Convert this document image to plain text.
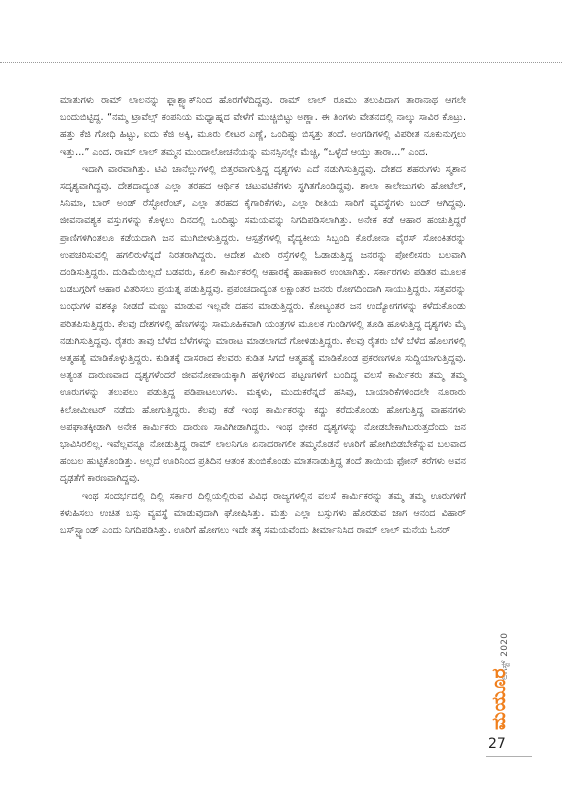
ಮಾತುಗಳು ರಾಮ್ ಲಾಲನನ್ನು ಫ್ಲಾಶ್ಬ್ಯಾಕ್‌ನಿಂದ ಹೊರಗೆಳೆದಿದ್ದವು. ರಾಮ್ ಲಾಲ್ ರೂಮು ತಲುಪಿದಾಗ ತಾರಾನಾಥ ಆಗಲೇ ಬಂದುಬಿಟ್ಟಿದ್ದ. “ನಮ್ಮ ಟ್ರಾವೆಲ್ಸ್ ಕಂಪನಿಯ ಮಧ್ಯಾಹ್ನದ ವೇಳೆಗೆ ಮುಚ್ಚಿಬಿಟ್ಟು ಅಣ್ಣಾ. ಈ ತಿಂಗಳು ವೇತನದಲ್ಲಿ ನಾಲ್ಕು ಸಾವಿರ ಕೊಟ್ರು. ಹತ್ತು ಕೆಜಿ ಗೋಧಿ ಹಿಟ್ಟು, ಐದು ಕೆಜಿ ಅಕ್ಕಿ, ಮೂರು ಲೀಟರ ಎಣ್ಣೆ, ಒಂದಿಷ್ಟು ಬಿಸ್ಕತ್ತು ತಂದೆ. ಅಂಗಡಿಗಳಲ್ಲಿ ವಿಪರೀತ ನೂಕುನುಗ್ಗಲು ಇತ್ತು...” ಎಂದ. ರಾಮ್ ಲಾಲ್ ತಮ್ಮನ ಮುಂದಾಲೋಚನೆಯನ್ನು ಮನಸ್ಸಿನಲ್ಲೇ ಮೆಚ್ಚಿ, “ಒಳ್ಳೆದೆ ಆಯ್ತು ತಾರಾ...” ಎಂದ.

ಇದಾಗಿ ವಾರವಾಗಿತ್ತು. ಟಿವಿ ಚಾನೆಲ್ಲುಗಳಲ್ಲಿ ಬಿತ್ತರವಾಗುತ್ತಿದ್ದ ದೃಶ್ಯಗಳು ಎದೆ ನಡುಗಿಸುತ್ತಿದ್ದವು. ದೇಶದ ಶಹರುಗಳು ಸ್ಮಶಾನ ಸದೃಶ್ಯವಾಗಿದ್ದವು. ದೇಶದಾದ್ಯಂತ ಎಲ್ಲಾ ತರಹದ ಆರ್ಥಿಕ ಚಟುವಟಿಕೆಗಳು ಸ್ಥಗಿತಗೊಂಡಿದ್ದವು. ಶಾಲಾ ಕಾಲೇಜುಗಳು ಹೋಟೆಲ್, ಸಿನಿಮಾ, ಬಾರ್ ಅಂಡ್ ರೆಸ್ಟೋರೆಂಟ್, ಎಲ್ಲಾ ತರಹದ ಕೈಗಾರಿಕೆಗಳು, ಎಲ್ಲಾ ರೀತಿಯ ಸಾರಿಗೆ ವ್ಯವಸ್ಥೆಗಳು ಬಂದ್ ಆಗಿದ್ದವು. ಜೀವನಾವಶ್ಯಕ ವಸ್ತುಗಳನ್ನು ಕೊಳ್ಳಲು ದಿನದಲ್ಲಿ ಒಂದಿಷ್ಟು ಸಮಯವನ್ನು ನಿಗದಿಪಡಿಸಲಾಗಿತ್ತು. ಅನೇಕ ಕಡೆ ಆಹಾರ ಹಂಚುತ್ತಿದ್ದರೆ ಪ್ರಾಣಿಗಳಿಗಿಂತಲೂ ಕಡೆಯದಾಗಿ ಜನ ಮುಗಿಬೀಳುತ್ತಿದ್ದರು. ಆಸ್ಪತ್ರೆಗಳಲ್ಲಿ ವೈದ್ಯಕೀಯ ಸಿಬ್ಬಂದಿ ಕೊರೋನಾ ವೈರಸ್ ಸೋಂಕಿತರನ್ನು ಉಪಚರಿಸುವಲ್ಲಿ ಹಗಲಿರುಳೆನ್ನದೆ ನಿರತರಾಗಿದ್ದರು. ಆದೇಶ ಮೀರಿ ರಸ್ತೆಗಳಲ್ಲಿ ಓಡಾಡುತ್ತಿದ್ದ ಜನರನ್ನು ಪೋಲೀಸರು ಬಲವಾಗಿ ದಂಡಿಸುತ್ತಿದ್ದರು. ದುಡಿಮೆಯಿಲ್ಲದೆ ಬಡವರು, ಕೂಲಿ ಕಾರ್ಮಿಕರಲ್ಲಿ ಆಹಾರಕ್ಕೆ ಹಾಹಾಕಾರ ಉಂಟಾಗಿತ್ತು. ಸರ್ಕಾರಗಳು ಪಡಿತರ ಮೂಲಕ ಬಡಬಗ್ಗರಿಗೆ ಆಹಾರ ವಿತರಿಸಲು ಪ್ರಯತ್ನ ಪಡುತ್ತಿದ್ದವು. ಪ್ರಪಂಚದಾದ್ಯಂತ ಲಕ್ಷಾಂತರ ಜನರು ರೋಗದಿಂದಾಗಿ ಸಾಯುತ್ತಿದ್ದರು. ಸತ್ತವರನ್ನು ಬಂಧುಗಳ ವಶಕ್ಕೂ ನೀಡದೆ ಮಣ್ಣು ಮಾಡುವ ಇಲ್ಲವೇ ದಹನ ಮಾಡುತ್ತಿದ್ದರು. ಕೋಟ್ಯಂತರ ಜನ ಉದ್ಯೋಗಗಳನ್ನು ಕಳೆದುಕೊಂಡು ಪರಿತಪಿಸುತ್ತಿದ್ದರು. ಕೆಲವು ದೇಶಗಳಲ್ಲಿ ಹೆಣಗಳನ್ನು ಸಾಮೂಹಿಕವಾಗಿ ಯಂತ್ರಗಳ ಮೂಲಕ ಗುಂಡಿಗಳಲ್ಲಿ ತೂಡಿ ಹೂಳುತ್ತಿದ್ದ ದೃಶ್ಯಗಳು ಮೈ ನಡುಗಿಸುತ್ತಿದ್ದವು. ರೈತರು ತಾವು ಬೆಳೆದ ಬೆಳೆಗಳನ್ನು ಮಾರಾಟ ಮಾಡಲಾಗದೆ ಗೋಳಿಡುತ್ತಿದ್ದರು. ಕೆಲವು ರೈತರು ಬೆಳೆ ಬೆಳೆದ ಹೊಲಗಳಲ್ಲಿ ಆತ್ಮಹತ್ಯೆ ಮಾಡಿಕೊಳ್ಳುತ್ತಿದ್ದರು. ಕುಡಿತಕ್ಕೆ ದಾಸರಾದ ಕೆಲವರು ಕುಡಿತ ಸಿಗದೆ ಆತ್ಮಹತ್ಯೆ ಮಾಡಿಕೊಂಡ ಪ್ರಕರಣಗಳೂ ಸುದ್ದಿಯಾಗುತ್ತಿದ್ದವು. ಅತ್ಯಂತ ದಾರುಣವಾದ ದೃಶ್ಯಗಳೆಂದರೆ ಜೀವನೋಪಾಯಕ್ಕಾಗಿ ಹಳ್ಳಿಗಳಿಂದ ಪಟ್ಟಣಗಳಿಗೆ ಬಂದಿದ್ದ ವಲಸೆ ಕಾರ್ಮಿಕರು ತಮ್ಮ ತಮ್ಮ ಊರುಗಳನ್ನು ತಲುಪಲು ಪಡುತ್ತಿದ್ದ ಪಡಿಪಾಟಲುಗಳು. ಮಕ್ಕಳು, ಮುದುಕರೆನ್ನದೆ ಹಸಿವು, ಬಾಯಾರಿಕೆಗಳಿಂದಲೇ ನೂರಾರು ಕಿಲೋಮೀಟರ್ ನಡೆದು ಹೋಗುತ್ತಿದ್ದರು. ಕೆಲವು ಕಡೆ ಇಂಥ ಕಾರ್ಮಿಕರನ್ನು ಕದ್ದು ಕರೆದುಕೊಂಡು ಹೋಗುತ್ತಿದ್ದ ವಾಹನಗಳು ಅಪಘಾತಕ್ಕೀಡಾಗಿ ಅನೇಕ ಕಾರ್ಮಿಕರು ದಾರುಣ ಸಾವಿಗೀಡಾಗಿದ್ದರು. ಇಂಥ ಭೀಕರ ದೃಶ್ಯಗಳನ್ನು ನೋಡಬೇಕಾಗಿಬರುತ್ತದೆಂದು ಜನ ಭಾವಿಸಿರಲಿಲ್ಲ. ಇವೆಲ್ಲವನ್ನೂ ನೋಡುತ್ತಿದ್ದ ರಾಮ್ ಲಾಲನಿಗೂ ಏನಾದರಾಗಲೀ ತಮ್ಮನೊಡನೆ ಊರಿಗೆ ಹೋಗಿಬಿಡಬೇಕೆನ್ನುವ ಬಲವಾದ ಹಂಬಲ ಹುಟ್ಟಿಕೊಂಡಿತ್ತು. ಅಲ್ಲದೆ ಊರಿನಿಂದ ಪ್ರತಿದಿನ ಆತಂಕ ತುಂಬಿಕೊಂಡು ಮಾತನಾಡುತ್ತಿದ್ದ ತಂದೆ ತಾಯಿಯ ಫೋನ್ ಕರೆಗಳು ಅವನ ದೃಢತೆಗೆ ಕಾರಣವಾಗಿದ್ದವು.

ಇಂಥ ಸಂದರ್ಭದಲ್ಲಿ ದಿಲ್ಲಿ ಸರ್ಕಾರ ದಿಲ್ಲಿಯಲ್ಲಿರುವ ವಿವಿಧ ರಾಜ್ಯಗಳಲ್ಲಿನ ವಲಸೆ ಕಾರ್ಮಿಕರನ್ನು ತಮ್ಮ ತಮ್ಮ ಊರುಗಳಿಗೆ ಕಳುಹಿಸಲು ಉಚಿತ ಬಸ್ಸು ವ್ಯವಸ್ಥೆ ಮಾಡುವುದಾಗಿ ಘೋಷಿಸಿತ್ತು. ಮತ್ತು ಎಲ್ಲಾ ಬಸ್ಸುಗಳು ಹೊರಡುವ ಜಾಗ ಆನಂದ ವಿಹಾರ್ ಬಸ್‌ಸ್ಟ್ಯಾಂಡ್ ಎಂದು ನಿಗದಿಪಡಿಸಿತ್ತು. ಊರಿಗೆ ಹೋಗಲು ಇದೇ ತಕ್ಕ ಸಮಯವೆಂದು ತೀರ್ಮಾನಿಸಿದ ರಾಮ್ ಲಾಲ್ ಮನೆಯ ಓನರ್

ಆಗಸ್ಟ್ 2020
ಮಯೂರ
27
